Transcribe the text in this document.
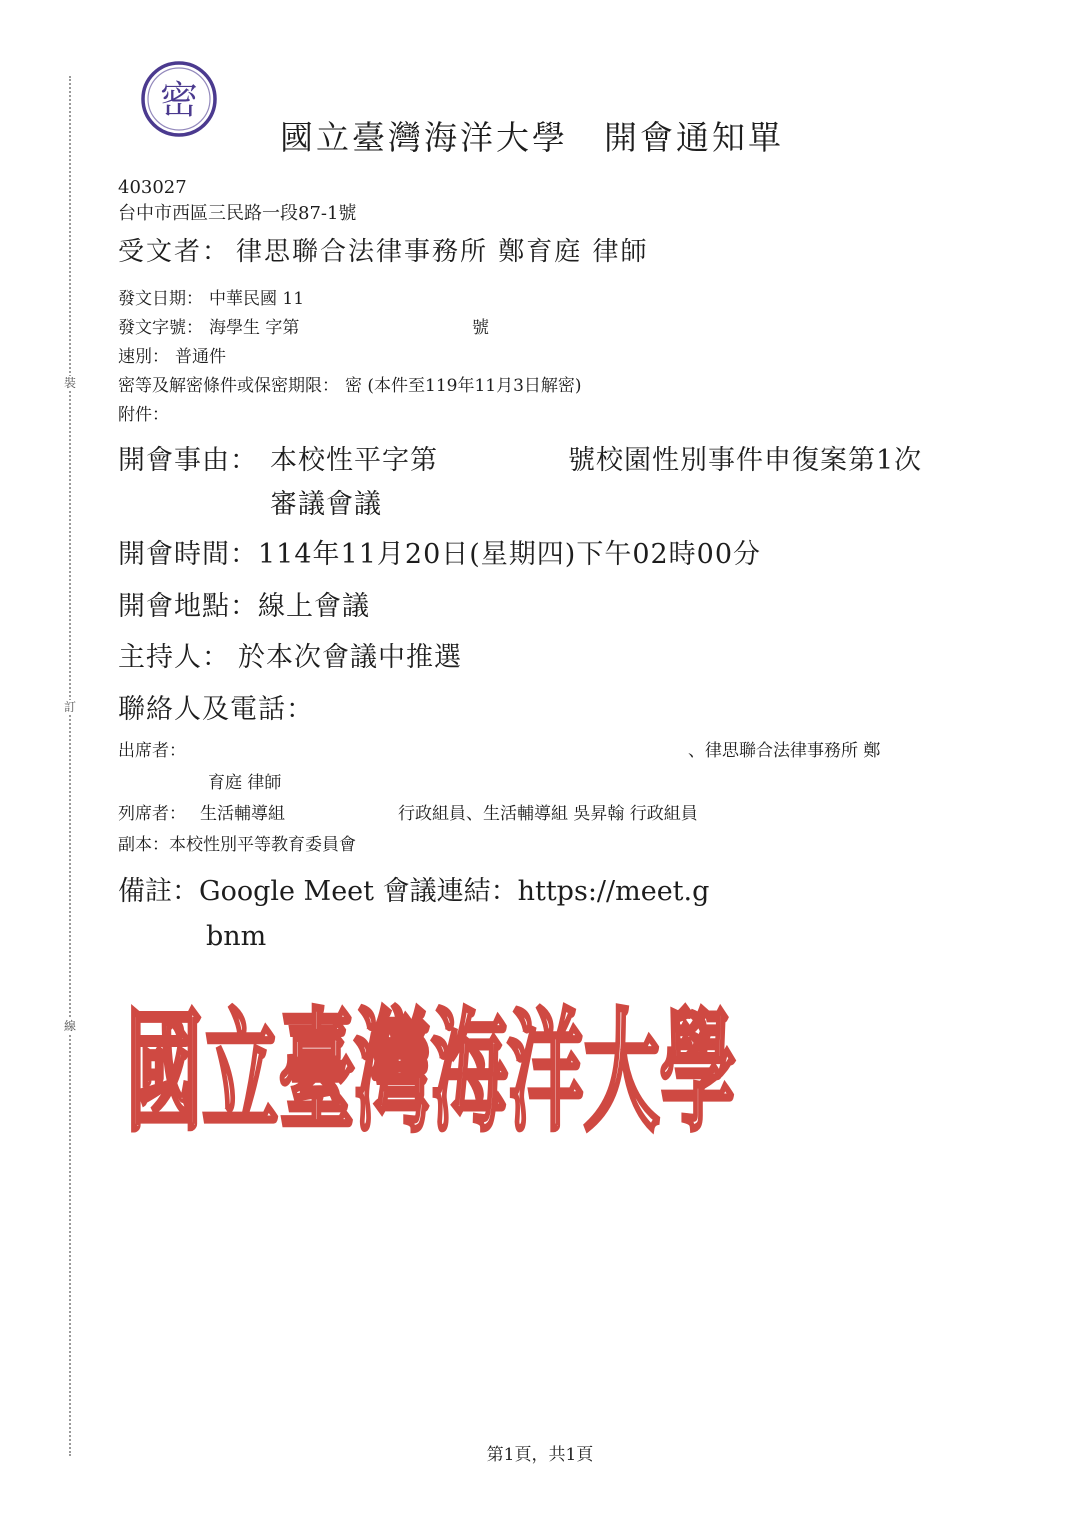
裝
訂
線
密
國立臺灣海洋大學　開會通知單
403027
台中市西區三民路一段87-1號
受文者： 律思聯合法律事務所 鄭育庭 律師
發文日期： 中華民國 11
發文字號： 海學生 字第	號
速別： 普通件
密等及解密條件或保密期限： 密 (本件至119年11月3日解密)
附件：
開會事由： 本校性平字第	號校園性別事件申復案第1次
審議會議
開會時間：114年11月20日(星期四)下午02時00分
開會地點：線上會議
主持人： 於本次會議中推選
聯絡人及電話：
出席者：	、律思聯合法律事務所 鄭
育庭 律師
列席者： 生活輔導組	行政組員、生活輔導組 吳昇翰 行政組員
副本：本校性別平等教育委員會
備註：Google Meet 會議連結：https://meet.g
bnm
國立臺灣海洋大學
第1頁，共1頁
